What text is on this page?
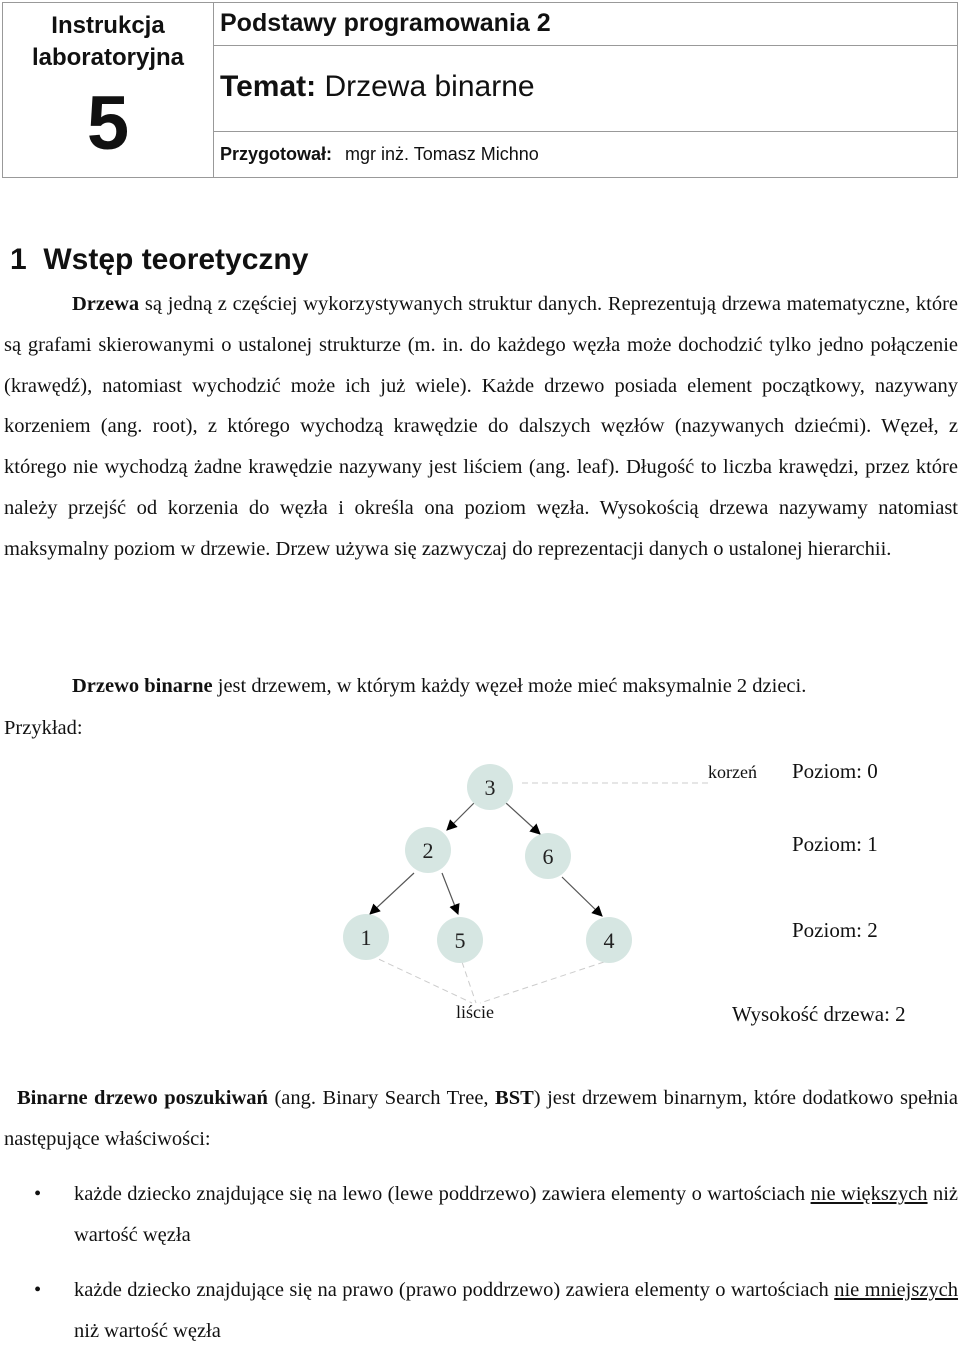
Instrukcja
laboratoryjna
5
Podstawy programowania 2
Temat: Drzewa binarne
Przygotował: mgr inż. Tomasz Michno
1 Wstęp teoretyczny
Drzewa są jedną z częściej wykorzystywanych struktur danych. Reprezentują drzewa matematyczne, które są grafami skierowanymi o ustalonej strukturze (m. in. do każdego węzła może dochodzić tylko jedno połączenie (krawędź), natomiast wychodzić może ich już wiele). Każde drzewo posiada element początkowy, nazywany korzeniem (ang. root), z którego wychodzą krawędzie do dalszych węzłów (nazywanych dziećmi). Węzeł, z którego nie wychodzą żadne krawędzie nazywany jest liściem (ang. leaf). Długość to liczba krawędzi, przez które należy przejść od korzenia do węzła i określa ona poziom węzła. Wysokością drzewa nazywamy natomiast maksymalny poziom w drzewie. Drzew używa się zazwyczaj do reprezentacji danych o ustalonej hierarchii.
Drzewo binarne jest drzewem, w którym każdy węzeł może mieć maksymalnie 2 dzieci.
Przykład:
3
2	6
1	5	4
korzeń Poziom: 0
Poziom: 1
Poziom: 2
liście	Wysokość drzewa: 2
Binarne drzewo poszukiwań (ang. Binary Search Tree, BST) jest drzewem binarnym, które dodatkowo spełnia następujące właściwości:
• każde dziecko znajdujące się na lewo (lewe poddrzewo) zawiera elementy o wartościach nie większych niż wartość węzła
• każde dziecko znajdujące się na prawo (prawo poddrzewo) zawiera elementy o wartościach nie mniejszych niż wartość węzła
